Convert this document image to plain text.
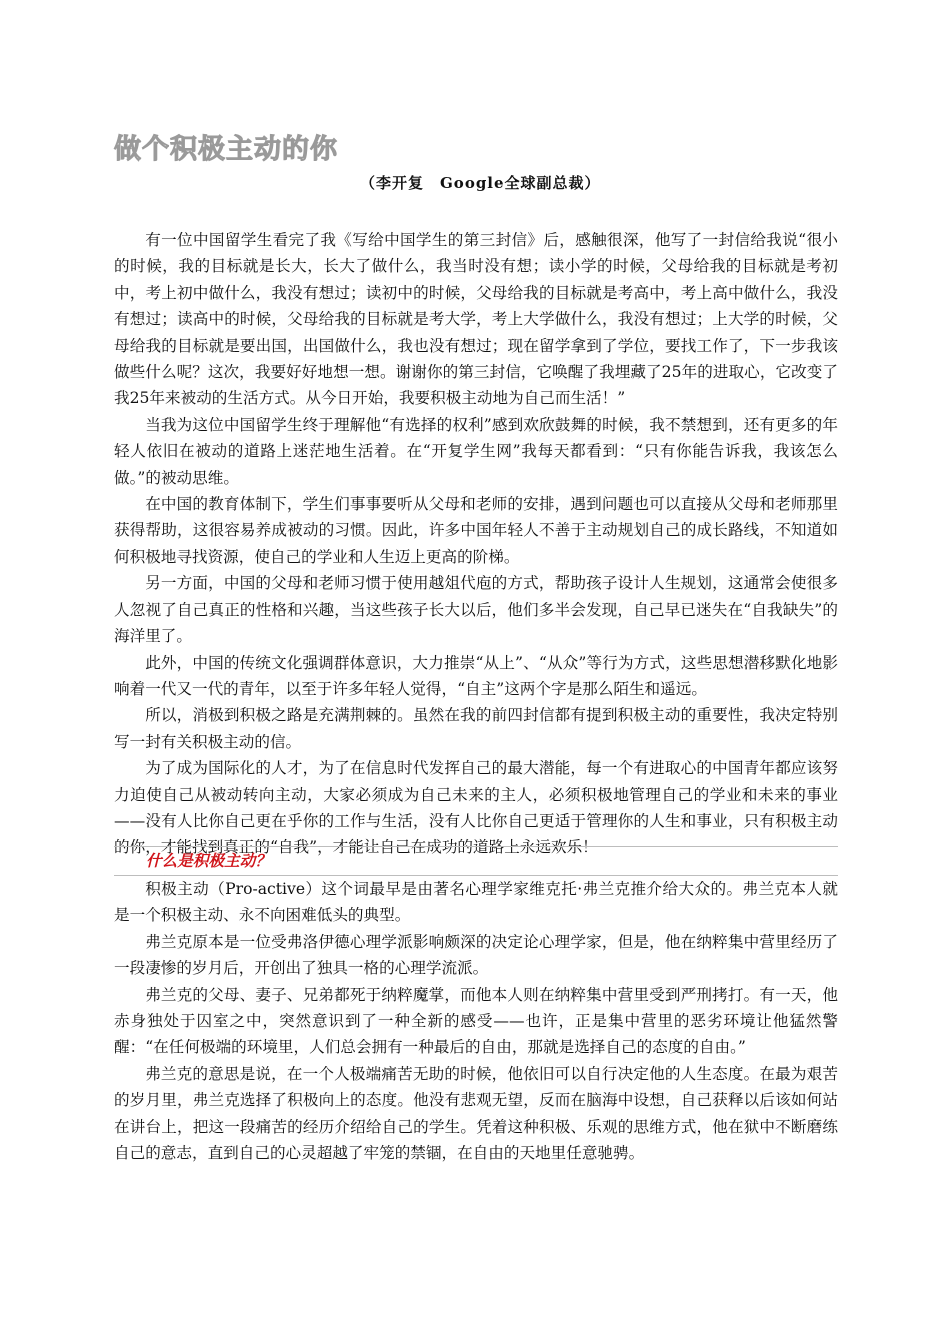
做个积极主动的你
（李开复　Google全球副总裁）

有一位中国留学生看完了我《写给中国学生的第三封信》后，感触很深，他写了一封信给我说“很小的时候，我的目标就是长大，长大了做什么，我当时没有想；读小学的时候，父母给我的目标就是考初中，考上初中做什么，我没有想过；读初中的时候，父母给我的目标就是考高中，考上高中做什么，我没有想过；读高中的时候，父母给我的目标就是考大学，考上大学做什么，我没有想过；上大学的时候，父母给我的目标就是要出国，出国做什么，我也没有想过；现在留学拿到了学位，要找工作了，下一步我该做些什么呢？这次，我要好好地想一想。谢谢你的第三封信，它唤醒了我埋藏了25年的进取心，它改变了我25年来被动的生活方式。从今日开始，我要积极主动地为自己而生活！”

当我为这位中国留学生终于理解他“有选择的权利”感到欢欣鼓舞的时候，我不禁想到，还有更多的年轻人依旧在被动的道路上迷茫地生活着。在“开复学生网”我每天都看到：“只有你能告诉我，我该怎么做。”的被动思维。

在中国的教育体制下，学生们事事要听从父母和老师的安排，遇到问题也可以直接从父母和老师那里获得帮助，这很容易养成被动的习惯。因此，许多中国年轻人不善于主动规划自己的成长路线，不知道如何积极地寻找资源，使自己的学业和人生迈上更高的阶梯。

另一方面，中国的父母和老师习惯于使用越俎代庖的方式，帮助孩子设计人生规划，这通常会使很多人忽视了自己真正的性格和兴趣，当这些孩子长大以后，他们多半会发现，自己早已迷失在“自我缺失”的海洋里了。

此外，中国的传统文化强调群体意识，大力推崇“从上”、“从众”等行为方式，这些思想潜移默化地影响着一代又一代的青年，以至于许多年轻人觉得，“自主”这两个字是那么陌生和遥远。

所以，消极到积极之路是充满荆棘的。虽然在我的前四封信都有提到积极主动的重要性，我决定特别写一封有关积极主动的信。

为了成为国际化的人才，为了在信息时代发挥自己的最大潜能，每一个有进取心的中国青年都应该努力迫使自己从被动转向主动，大家必须成为自己未来的主人，必须积极地管理自己的学业和未来的事业——没有人比你自己更在乎你的工作与生活，没有人比你自己更适于管理你的人生和事业，只有积极主动的你，才能找到真正的“自我”，才能让自己在成功的道路上永远欢乐！

什么是积极主动？

积极主动（Pro-active）这个词最早是由著名心理学家维克托·弗兰克推介给大众的。弗兰克本人就是一个积极主动、永不向困难低头的典型。

弗兰克原本是一位受弗洛伊德心理学派影响颇深的决定论心理学家，但是，他在纳粹集中营里经历了一段凄惨的岁月后，开创出了独具一格的心理学流派。

弗兰克的父母、妻子、兄弟都死于纳粹魔掌，而他本人则在纳粹集中营里受到严刑拷打。有一天，他赤身独处于囚室之中，突然意识到了一种全新的感受——也许，正是集中营里的恶劣环境让他猛然警醒：“在任何极端的环境里，人们总会拥有一种最后的自由，那就是选择自己的态度的自由。”

弗兰克的意思是说，在一个人极端痛苦无助的时候，他依旧可以自行决定他的人生态度。在最为艰苦的岁月里，弗兰克选择了积极向上的态度。他没有悲观无望，反而在脑海中设想，自己获释以后该如何站在讲台上，把这一段痛苦的经历介绍给自己的学生。凭着这种积极、乐观的思维方式，他在狱中不断磨练自己的意志，直到自己的心灵超越了牢笼的禁锢，在自由的天地里任意驰骋。
